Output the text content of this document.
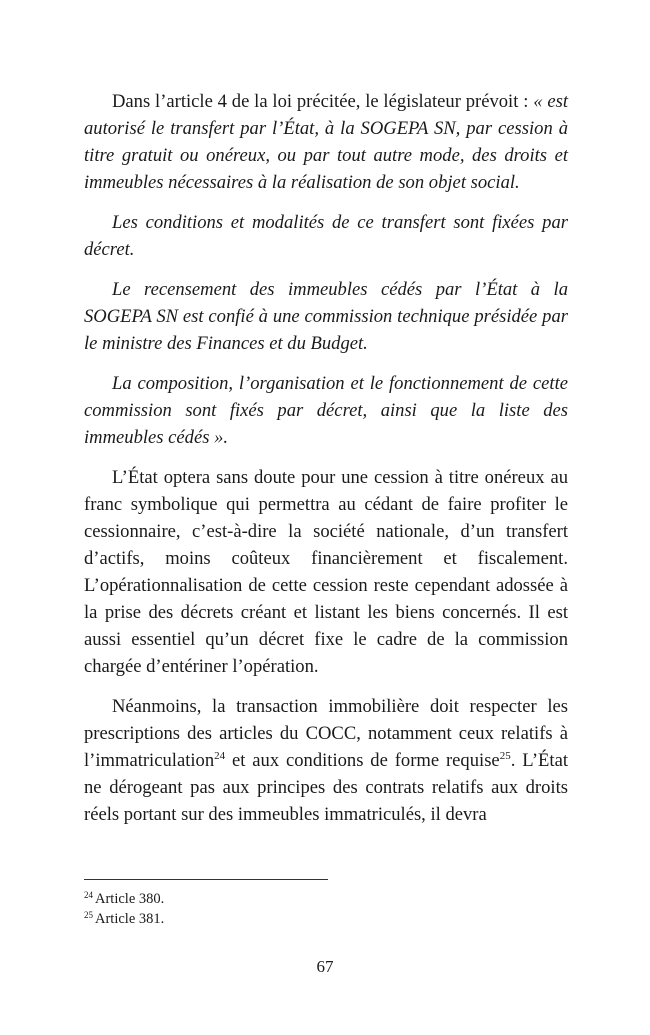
Dans l’article 4 de la loi précitée, le législateur prévoit : « est autorisé le transfert par l’État, à la SOGEPA SN, par cession à titre gratuit ou onéreux, ou par tout autre mode, des droits et immeubles nécessaires à la réalisation de son objet social.

Les conditions et modalités de ce transfert sont fixées par décret.

Le recensement des immeubles cédés par l’État à la SOGEPA SN est confié à une commission technique présidée par le ministre des Finances et du Budget.

La composition, l’organisation et le fonctionnement de cette commission sont fixés par décret, ainsi que la liste des immeubles cédés ».

L’État optera sans doute pour une cession à titre onéreux au franc symbolique qui permettra au cédant de faire profiter le cessionnaire, c’est-à-dire la société nationale, d’un transfert d’actifs, moins coûteux financièrement et fiscalement. L’opérationnalisation de cette cession reste cependant adossée à la prise des décrets créant et listant les biens concernés. Il est aussi essentiel qu’un décret fixe le cadre de la commission chargée d’entériner l’opération.

Néanmoins, la transaction immobilière doit respecter les prescriptions des articles du COCC, notamment ceux relatifs à l’immatriculation$^{24}$ et aux conditions de forme requise$^{25}$. L’État ne dérogeant pas aux principes des contrats relatifs aux droits réels portant sur des immeubles immatriculés, il devra

$^{24}$ Article 380.

$^{25}$ Article 381.

67
